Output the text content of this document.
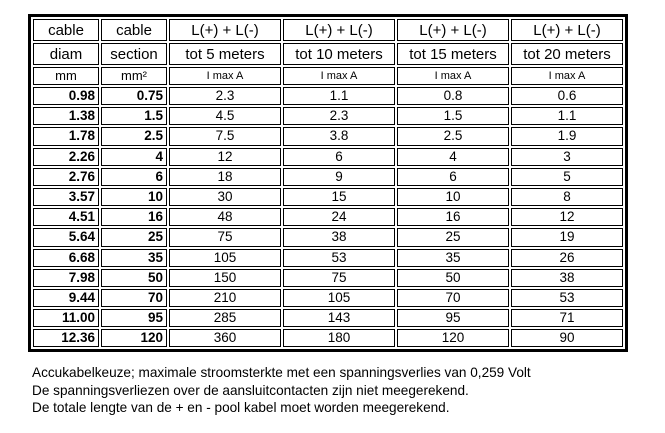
cable	cable	L(+) + L(-)	L(+) + L(-)	L(+) + L(-)	L(+) + L(-)
diam	section	tot 5 meters	tot 10 meters	tot 15 meters	tot 20 meters
mm	mm²	I max A	I max A	I max A	I max A
0.98	0.75	2.3	1.1	0.8	0.6
1.38	1.5	4.5	2.3	1.5	1.1
1.78	2.5	7.5	3.8	2.5	1.9
2.26	4	12	6	4	3
2.76	6	18	9	6	5
3.57	10	30	15	10	8
4.51	16	48	24	16	12
5.64	25	75	38	25	19
6.68	35	105	53	35	26
7.98	50	150	75	50	38
9.44	70	210	105	70	53
11.00	95	285	143	95	71
12.36	120	360	180	120	90
Accukabelkeuze; maximale stroomsterkte met een spanningsverlies van 0,259 Volt
De spanningsverliezen over de aansluitcontacten zijn niet meegerekend.
De totale lengte van de + en - pool kabel moet worden meegerekend.
